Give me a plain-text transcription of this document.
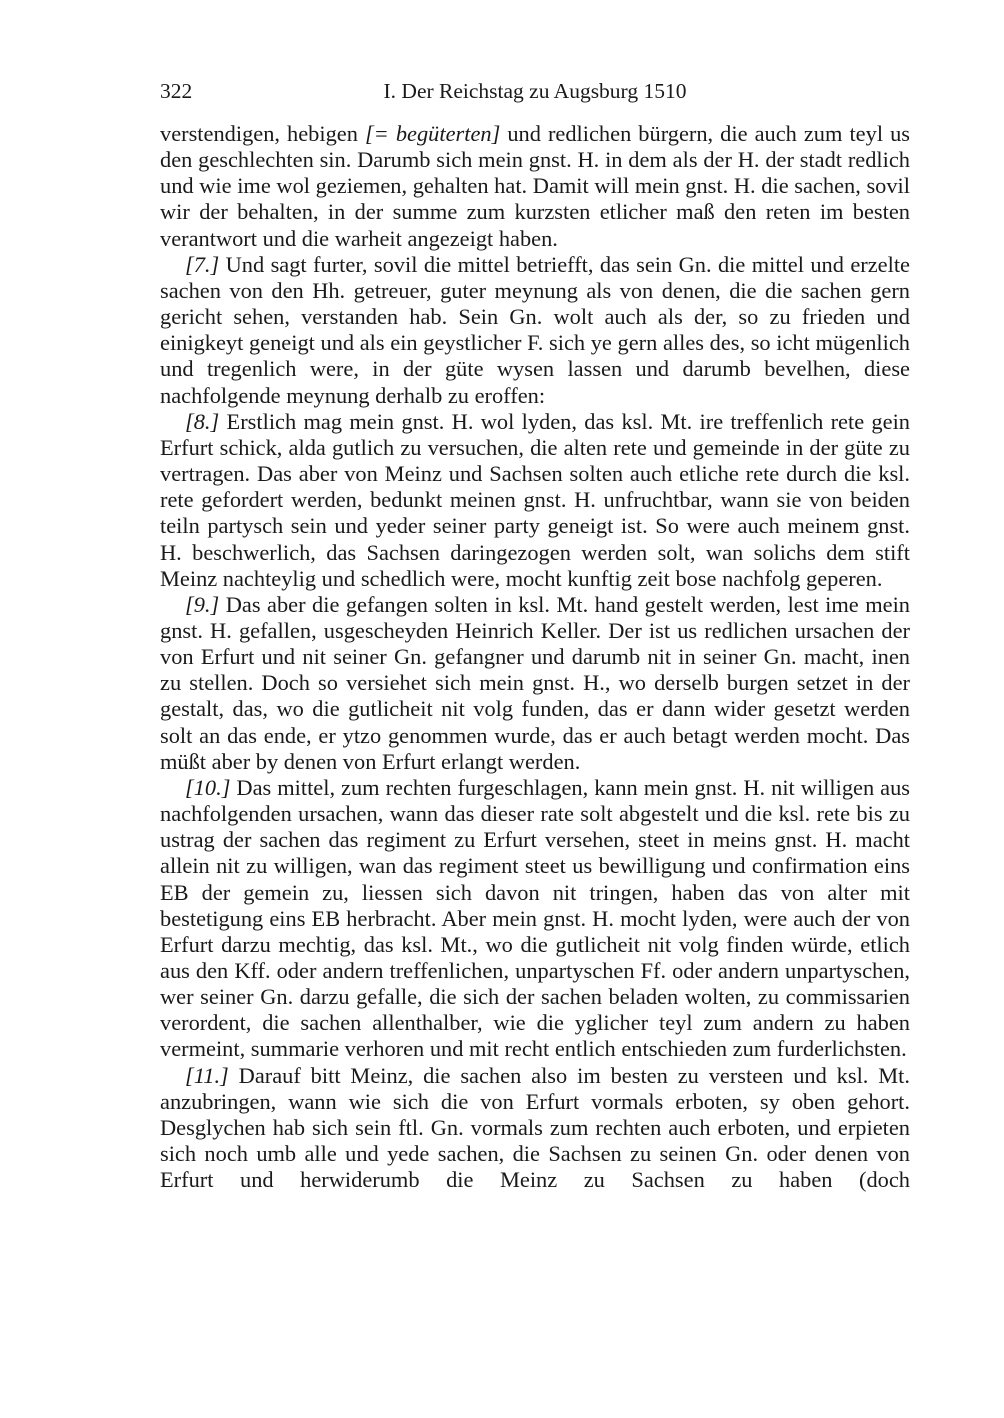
322	I. Der Reichstag zu Augsburg 1510

verstendigen, hebigen [= begüterten] und redlichen bürgern, die auch zum teyl us den geschlechten sin. Darumb sich mein gnst. H. in dem als der H. der stadt redlich und wie ime wol geziemen, gehalten hat. Damit will mein gnst. H. die sachen, sovil wir der behalten, in der summe zum kurzsten etlicher maß den reten im besten verantwort und die warheit angezeigt haben.

[7.] Und sagt furter, sovil die mittel betriefft, das sein Gn. die mittel und erzelte sachen von den Hh. getreuer, guter meynung als von denen, die die sachen gern gericht sehen, verstanden hab. Sein Gn. wolt auch als der, so zu frieden und einigkeyt geneigt und als ein geystlicher F. sich ye gern alles des, so icht mügenlich und tregenlich were, in der güte wysen lassen und darumb bevelhen, diese nachfolgende meynung derhalb zu eroffen:

[8.] Erstlich mag mein gnst. H. wol lyden, das ksl. Mt. ire treffenlich rete gein Erfurt schick, alda gutlich zu versuchen, die alten rete und gemeinde in der güte zu vertragen. Das aber von Meinz und Sachsen solten auch etliche rete durch die ksl. rete gefordert werden, bedunkt meinen gnst. H. unfruchtbar, wann sie von beiden teiln partysch sein und yeder seiner party geneigt ist. So were auch meinem gnst. H. beschwerlich, das Sachsen daringezogen werden solt, wan solichs dem stift Meinz nachteylig und schedlich were, mocht kunftig zeit bose nachfolg geperen.

[9.] Das aber die gefangen solten in ksl. Mt. hand gestelt werden, lest ime mein gnst. H. gefallen, usgescheyden Heinrich Keller. Der ist us redlichen ursachen der von Erfurt und nit seiner Gn. gefangner und darumb nit in seiner Gn. macht, inen zu stellen. Doch so versiehet sich mein gnst. H., wo derselb burgen setzet in der gestalt, das, wo die gutlicheit nit volg funden, das er dann wider gesetzt werden solt an das ende, er ytzo genommen wurde, das er auch betagt werden mocht. Das müßt aber by denen von Erfurt erlangt werden.

[10.] Das mittel, zum rechten furgeschlagen, kann mein gnst. H. nit willigen aus nachfolgenden ursachen, wann das dieser rate solt abgestelt und die ksl. rete bis zu ustrag der sachen das regiment zu Erfurt versehen, steet in meins gnst. H. macht allein nit zu willigen, wan das regiment steet us bewilligung und confirmation eins EB der gemein zu, liessen sich davon nit tringen, haben das von alter mit bestetigung eins EB herbracht. Aber mein gnst. H. mocht lyden, were auch der von Erfurt darzu mechtig, das ksl. Mt., wo die gutlicheit nit volg finden würde, etlich aus den Kff. oder andern treffenlichen, unpartyschen Ff. oder andern unpartyschen, wer seiner Gn. darzu gefalle, die sich der sachen beladen wolten, zu commissarien verordent, die sachen allenthalber, wie die yglicher teyl zum andern zu haben vermeint, summarie verhoren und mit recht entlich entschieden zum furderlichsten.

[11.] Darauf bitt Meinz, die sachen also im besten zu versteen und ksl. Mt. anzubringen, wann wie sich die von Erfurt vormals erboten, sy oben gehort. Desglychen hab sich sein ftl. Gn. vormals zum rechten auch erboten, und erpieten sich noch umb alle und yede sachen, die Sachsen zu seinen Gn. oder denen von Erfurt und herwiderumb die Meinz zu Sachsen zu haben (doch
